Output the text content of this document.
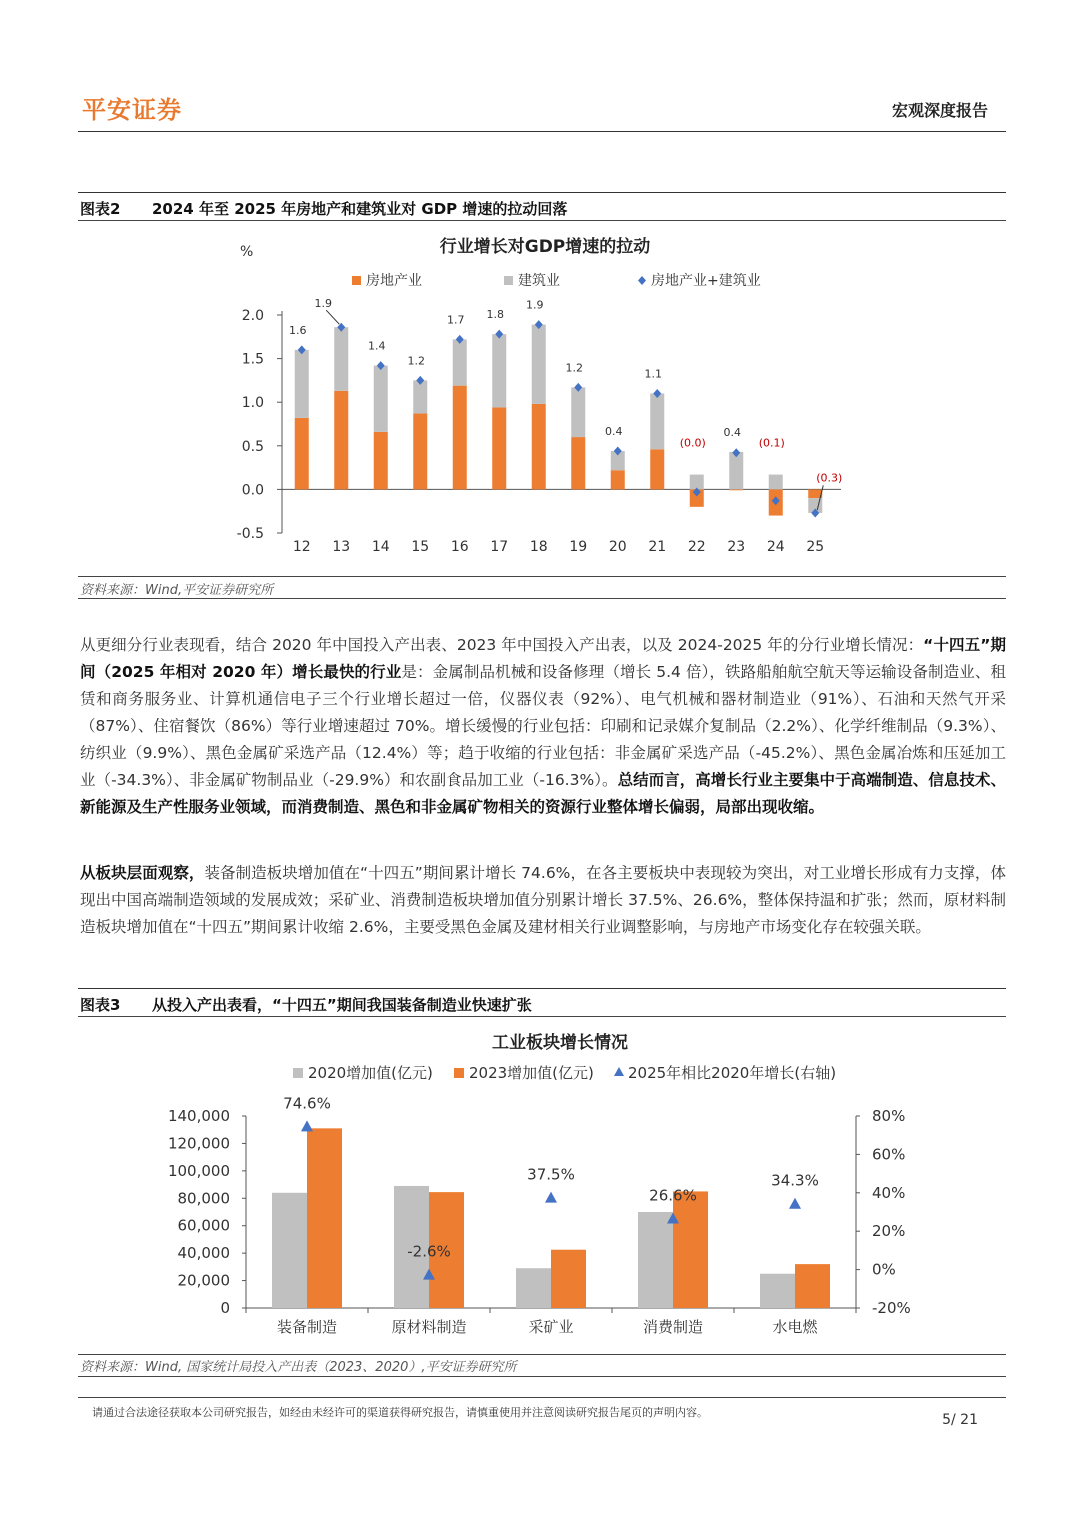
平安证券	宏观深度报告
图表2 2024 年至 2025 年房地产和建筑业对 GDP 增速的拉动回落
行业增长对GDP增速的拉动
%
房地产业	建筑业	房地产业+建筑业
2.0
1.5
1.0
0.5
0.0
-0.5
12
1.6
13
1.9
14
1.4
15
1.2
16
1.7
17
1.8
18
1.9
19
1.2
20
0.4
21
1.1
22
(0.0)
23
0.4
24
(0.1)
25
(0.3)
资料来源：Wind,平安证券研究所

从更细分行业表现看，结合 2020 年中国投入产出表、2023 年中国投入产出表，以及 2024-2025 年的分行业增长情况：“十四五”期间（2025 年相对 2020 年）增长最快的行业是：金属制品机械和设备修理（增长 5.4 倍），铁路船舶航空航天等运输设备制造业、租赁和商务服务业、计算机通信电子三个行业增长超过一倍，仪器仪表（92%）、电气机械和器材制造业（91%）、石油和天然气开采（87%）、住宿餐饮（86%）等行业增速超过 70%。增长缓慢的行业包括：印刷和记录媒介复制品（2.2%）、化学纤维制品（9.3%）、纺织业（9.9%）、黑色金属矿采选产品（12.4%）等；趋于收缩的行业包括：非金属矿采选产品（-45.2%）、黑色金属冶炼和压延加工业（-34.3%）、非金属矿物制品业（-29.9%）和农副食品加工业（-16.3%）。总结而言，高增长行业主要集中于高端制造、信息技术、新能源及生产性服务业领域，而消费制造、黑色和非金属矿物相关的资源行业整体增长偏弱，局部出现收缩。

从板块层面观察，装备制造板块增加值在“十四五”期间累计增长 74.6%，在各主要板块中表现较为突出，对工业增长形成有力支撑，体现出中国高端制造领域的发展成效；采矿业、消费制造板块增加值分别累计增长 37.5%、26.6%，整体保持温和扩张；然而，原材料制造板块增加值在“十四五”期间累计收缩 2.6%，主要受黑色金属及建材相关行业调整影响，与房地产市场变化存在较强关联。

图表3 从投入产出表看，“十四五”期间我国装备制造业快速扩张
工业板块增长情况
2020增加值(亿元) 2023增加值(亿元) 2025年相比2020年增长(右轴)
140,000
120,000
100,000
80,000
60,000
40,000
20,000
0
80%
60%
40%
20%
0%
-20%
74.6%
装备制造
-2.6%
原材料制造
37.5%
采矿业
26.6%
消费制造
34.3%
水电燃
资料来源：Wind, 国家统计局投入产出表（2023、2020）,平安证券研究所
请通过合法途径获取本公司研究报告，如经由未经许可的渠道获得研究报告，请慎重使用并注意阅读研究报告尾页的声明内容。	5/ 21
